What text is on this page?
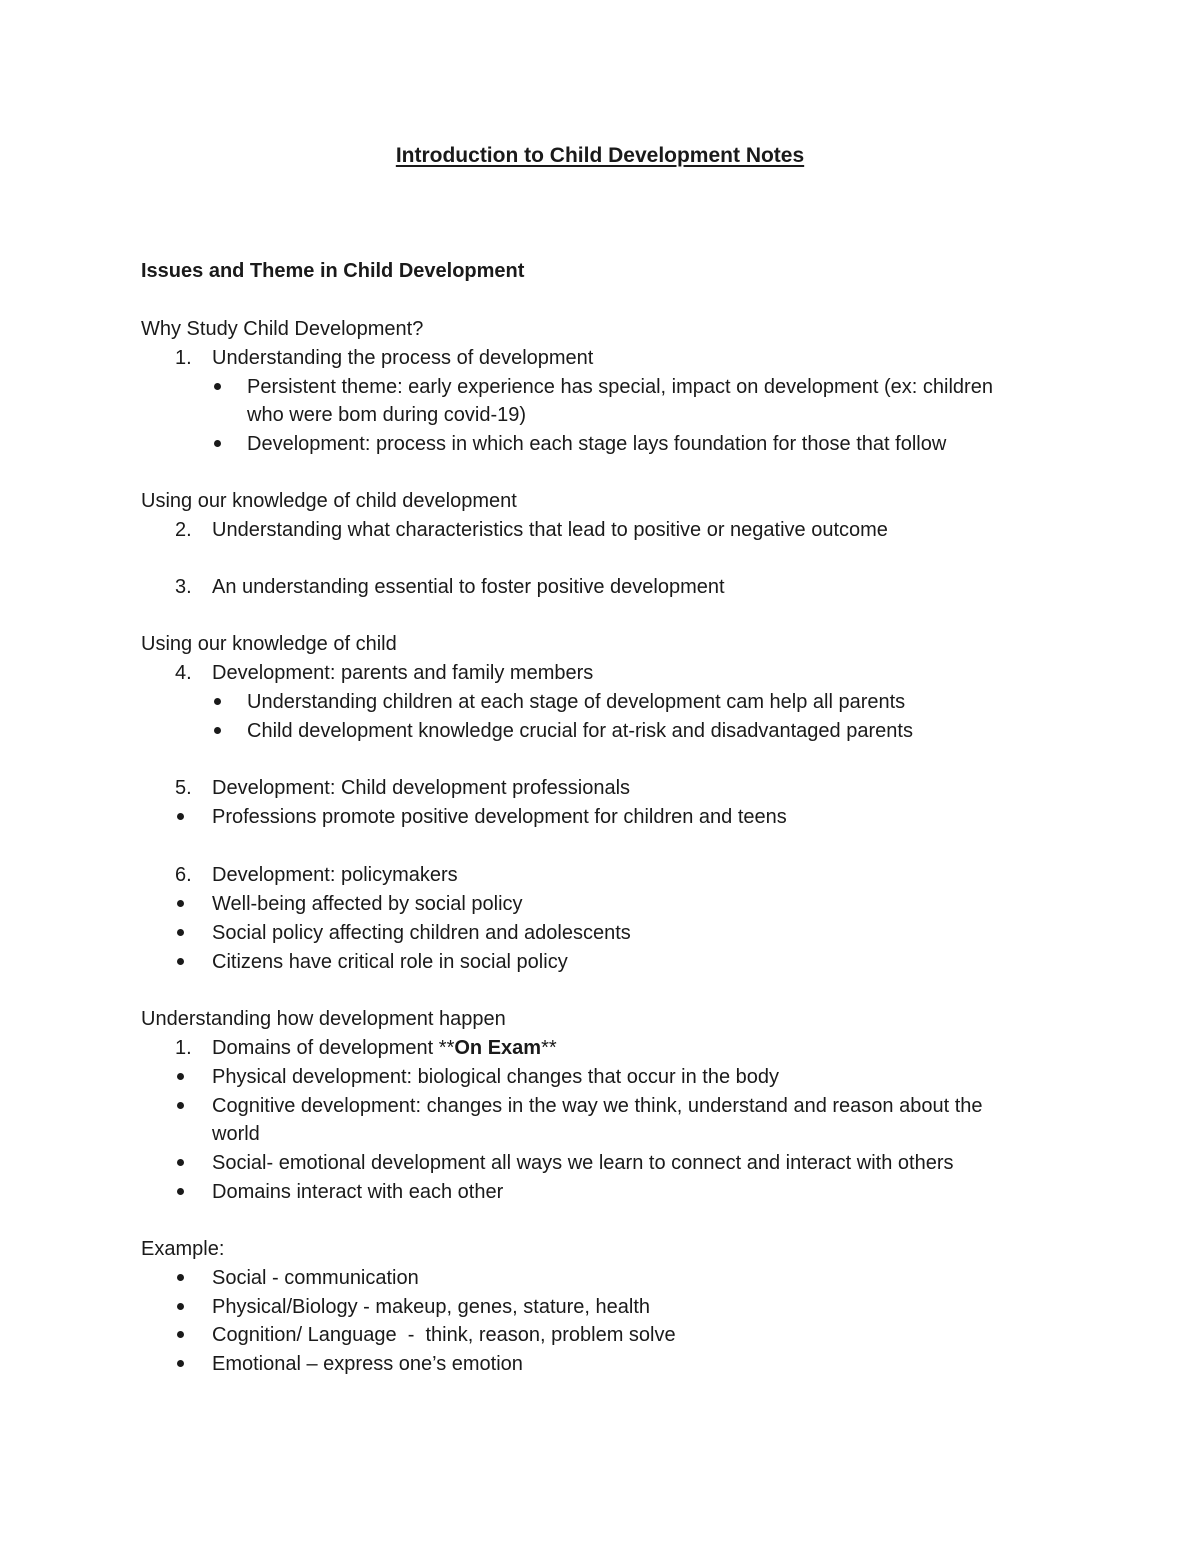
Introduction to Child Development Notes
Issues and Theme in Child Development
Why Study Child Development?
1. Understanding the process of development
Persistent theme: early experience has special, impact on development (ex: children
who were bom during covid-19)
Development: process in which each stage lays foundation for those that follow
Using our knowledge of child development
2. Understanding what characteristics that lead to positive or negative outcome
3. An understanding essential to foster positive development
Using our knowledge of child
4. Development: parents and family members
Understanding children at each stage of development cam help all parents
Child development knowledge crucial for at-risk and disadvantaged parents
5. Development: Child development professionals
Professions promote positive development for children and teens
6. Development: policymakers
Well-being affected by social policy
Social policy affecting children and adolescents
Citizens have critical role in social policy
Understanding how development happen
1. Domains of development **On Exam**
Physical development: biological changes that occur in the body
Cognitive development: changes in the way we think, understand and reason about the
world
Social- emotional development all ways we learn to connect and interact with others
Domains interact with each other
Example:
Social - communication
Physical/Biology - makeup, genes, stature, health
Cognition/ Language  -  think, reason, problem solve
Emotional – express one’s emotion
